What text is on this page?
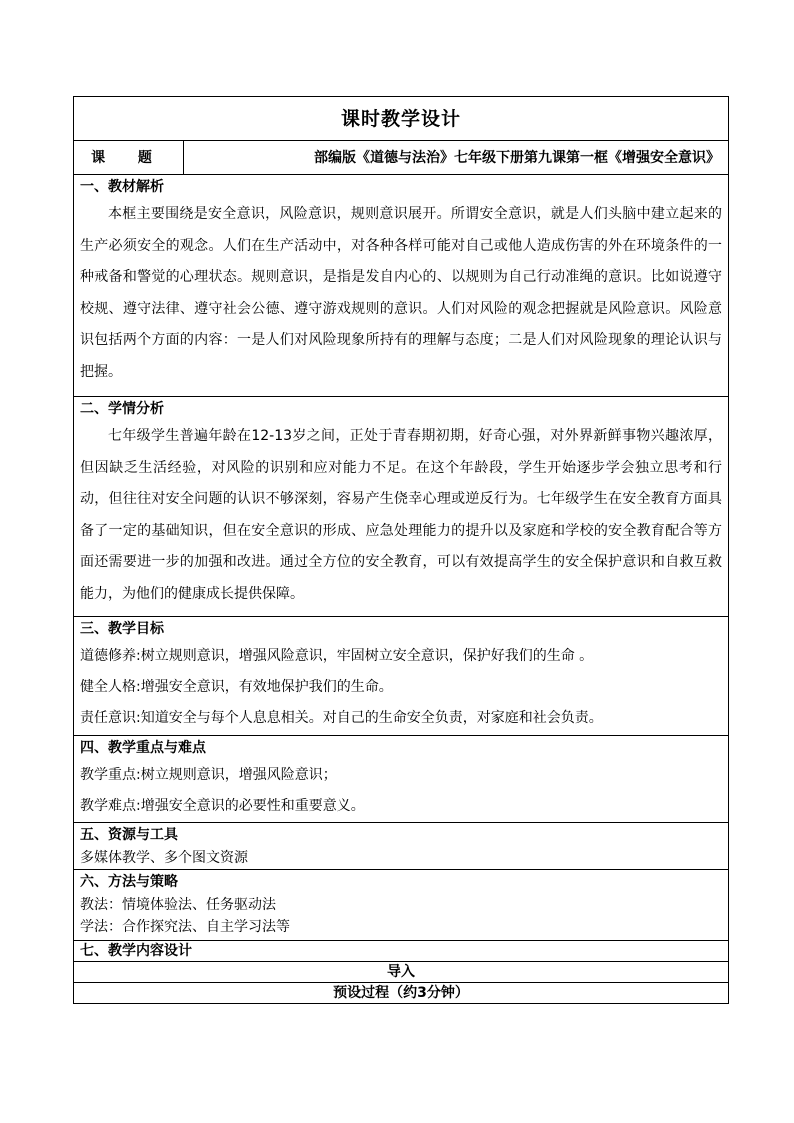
课时教学设计
课 题	部编版《道德与法治》七年级下册第九课第一框《增强安全意识》

一、教材解析
本框主要围绕是安全意识，风险意识，规则意识展开。所谓安全意识，就是人们头脑中建立起来的生产必须安全的观念。人们在生产活动中，对各种各样可能对自己或他人造成伤害的外在环境条件的一种戒备和警觉的心理状态。规则意识，是指是发自内心的、以规则为自己行动准绳的意识。比如说遵守校规、遵守法律、遵守社会公德、遵守游戏规则的意识。人们对风险的观念把握就是风险意识。风险意识包括两个方面的内容：一是人们对风险现象所持有的理解与态度；二是人们对风险现象的理论认识与把握。

二、学情分析
七年级学生普遍年龄在12-13岁之间，正处于青春期初期，好奇心强，对外界新鲜事物兴趣浓厚，但因缺乏生活经验，对风险的识别和应对能力不足。在这个年龄段，学生开始逐步学会独立思考和行动，但往往对安全问题的认识不够深刻，容易产生侥幸心理或逆反行为。七年级学生在安全教育方面具备了一定的基础知识，但在安全意识的形成、应急处理能力的提升以及家庭和学校的安全教育配合等方面还需要进一步的加强和改进。通过全方位的安全教育，可以有效提高学生的安全保护意识和自救互救能力，为他们的健康成长提供保障。

三、教学目标
道德修养:树立规则意识，增强风险意识，牢固树立安全意识，保护好我们的生命 。
健全人格:增强安全意识，有效地保护我们的生命。
责任意识:知道安全与每个人息息相关。对自己的生命安全负责，对家庭和社会负责。

四、教学重点与难点
教学重点:树立规则意识，增强风险意识；
教学难点:增强安全意识的必要性和重要意义。

五、资源与工具
多媒体教学、多个图文资源

六、方法与策略
教法：情境体验法、任务驱动法
学法：合作探究法、自主学习法等

七、教学内容设计

导入
预设过程（约3分钟）
